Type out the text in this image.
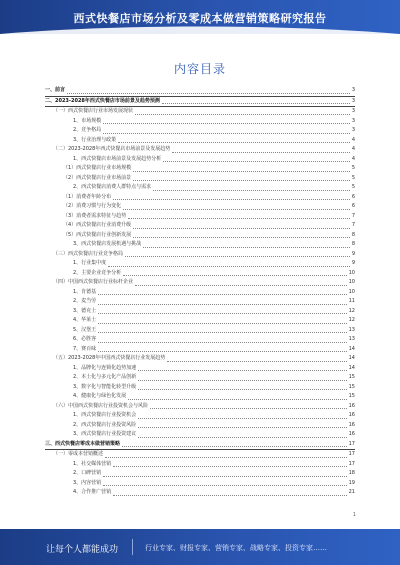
西式快餐店市场分析及零成本做营销策略研究报告
内容目录
一、前言	3
二、2023-2028年西式快餐店市场前景及趋势预测	3
（一）西式快餐店行业市场发展现状	3
1、市场规模	3
2、竞争格局	3
3、行业治理与政策	4
（二）2023-2028年西式快餐店市场前景及发展趋势	4
1、西式快餐店市场前景及发展趋势分析	4
（1）西式快餐店行业市场规模	5
（2）西式快餐店行业市场前景	5
2、西式快餐店消费人群特点与需求	5
（1）消费者年龄分布	6
（2）消费习惯与行为变化	6
（3）消费者需求特征与趋势	7
（4）西式快餐店行业消费升级	7
（5）西式快餐店行业创新发展	8
3、西式快餐店发展机遇与挑战	8
（三）西式快餐店行业竞争格局	9
1、行业集中度	9
2、主要企业竞争分析	10
（四）中国西式快餐店行业标杆企业	10
1、肯德基	10
2、麦当劳	11
3、德克士	12
4、华莱士	12
5、汉堡王	13
6、必胜客	13
7、赛百味	14
（五）2023-2028年中国西式快餐店行业发展趋势	14
1、品牌化与连锁化趋势加速	14
2、本土化与多元化产品创新	15
3、数字化与智能化转型升级	15
4、健康化与绿色化发展	15
（六）中国西式快餐店行业投资机会与风险	16
1、西式快餐店行业投资机会	16
2、西式快餐店行业投资风险	16
3、西式快餐店行业投资建议	16
三、西式快餐店零成本做营销策略	17
（一）零成本营销概述	17
1、社交媒体营销	17
2、口碑营销	18
3、内容营销	19
4、合作推广营销	21
1
让每个人都能成功	行业专家、财报专家、营销专家、战略专家、投资专家……
